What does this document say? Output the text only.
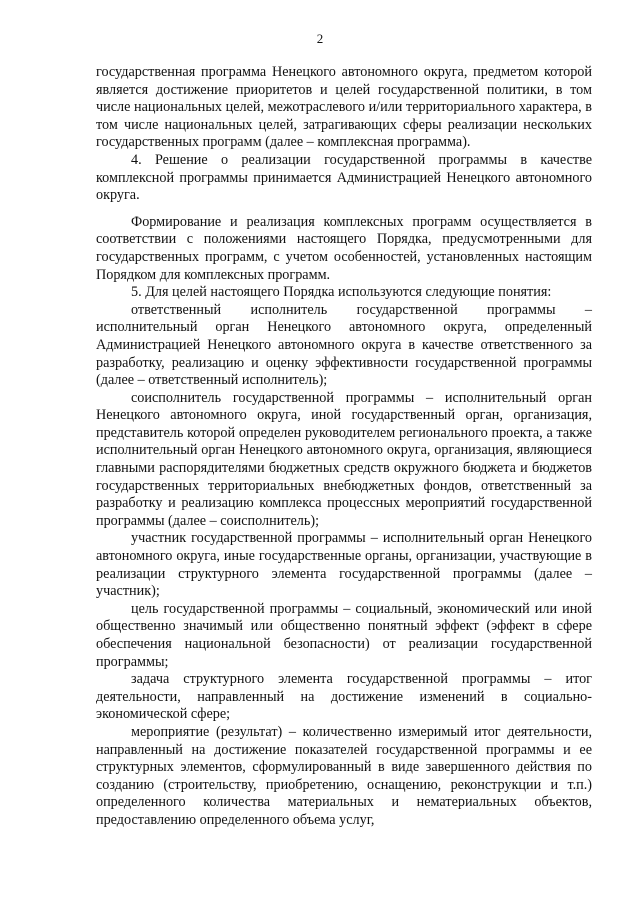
2

государственная программа Ненецкого автономного округа, предметом которой является достижение приоритетов и целей государственной политики, в том числе национальных целей, межотраслевого и/или территориального характера, в том числе национальных целей, затрагивающих сферы реализации нескольких государственных программ (далее – комплексная программа).

4. Решение о реализации государственной программы в качестве комплексной программы принимается Администрацией Ненецкого автономного округа.

Формирование и реализация комплексных программ осуществляется в соответствии с положениями настоящего Порядка, предусмотренными для государственных программ, с учетом особенностей, установленных настоящим Порядком для комплексных программ.

5. Для целей настоящего Порядка используются следующие понятия:

ответственный исполнитель государственной программы – исполнительный орган Ненецкого автономного округа, определенный Администрацией Ненецкого автономного округа в качестве ответственного за разработку, реализацию и оценку эффективности государственной программы (далее – ответственный исполнитель);

соисполнитель государственной программы – исполнительный орган Ненецкого автономного округа, иной государственный орган, организация, представитель которой определен руководителем регионального проекта, а также исполнительный орган Ненецкого автономного округа, организация, являющиеся главными распорядителями бюджетных средств окружного бюджета и бюджетов государственных территориальных внебюджетных фондов, ответственный за разработку и реализацию комплекса процессных мероприятий государственной программы (далее – соисполнитель);

участник государственной программы – исполнительный орган Ненецкого автономного округа, иные государственные органы, организации, участвующие в реализации структурного элемента государственной программы (далее – участник);

цель государственной программы – социальный, экономический или иной общественно значимый или общественно понятный эффект (эффект в сфере обеспечения национальной безопасности) от реализации государственной программы;

задача структурного элемента государственной программы – итог деятельности, направленный на достижение изменений в социально-экономической сфере;

мероприятие (результат) – количественно измеримый итог деятельности, направленный на достижение показателей государственной программы и ее структурных элементов, сформулированный в виде завершенного действия по созданию (строительству, приобретению, оснащению, реконструкции и т.п.) определенного количества материальных и нематериальных объектов, предоставлению определенного объема услуг,
